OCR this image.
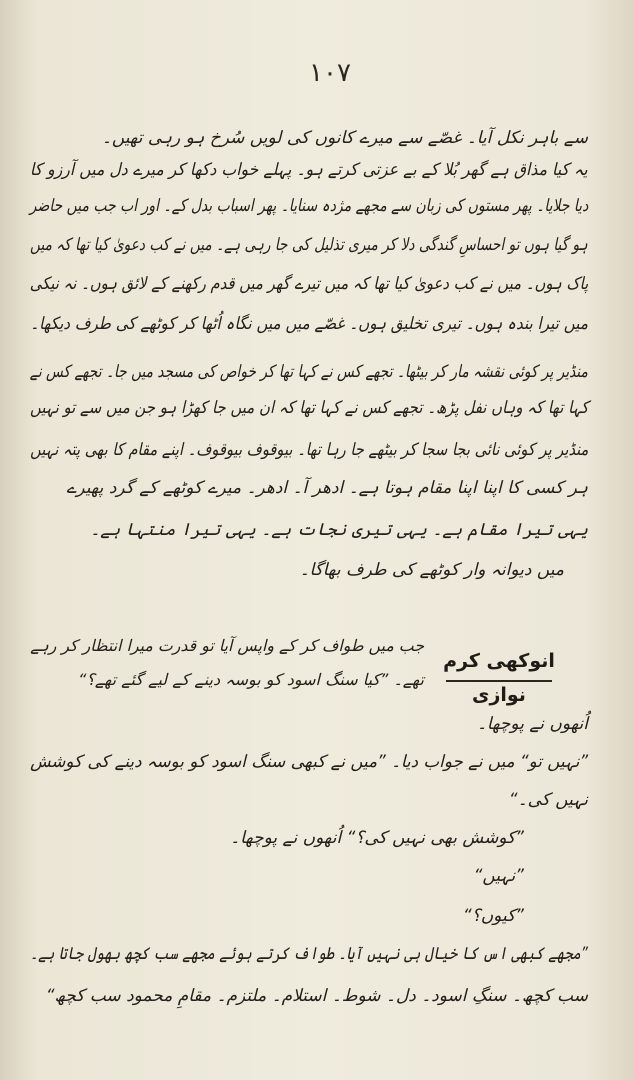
١٠٧
سے باہر نکل آیا۔ غصّے سے میرے کانوں کی لویں سُرخ ہو رہی تھیں۔
یہ کیا مذاق ہے گھر بُلا کے بے عزتی کرتے ہو۔ پہلے خواب دکھا کر میرے دل میں آرزو کا
دیا جلایا۔ پھر مستوں کی زبان سے مجھے مژدہ سنایا۔ پھر اسباب بدل کے۔ اور اب جب میں حاضر
ہو گیا ہوں تو احساسِ گندگی دلا کر میری تذلیل کی جا رہی ہے۔ میں نے کب دعویٰ کیا تھا کہ میں
پاک ہوں۔ میں نے کب دعویٰ کیا تھا کہ میں تیرے گھر میں قدم رکھنے کے لائق ہوں۔ نہ نیکی
میں تیرا بندہ ہوں۔ تیری تخلیق ہوں۔ غصّے میں میں نگاہ اُٹھا کر کوٹھے کی طرف دیکھا۔
منڈیر پر کوئی نقشہ مار کر بیٹھا۔ تجھے کس نے کہا تھا کر خواص کی مسجد میں جا۔ تجھے کس نے
کہا تھا کہ وہاں نفل پڑھ۔ تجھے کس نے کہا تھا کہ ان میں جا کھڑا ہو جن میں سے تو نہیں
منڈیر پر کوئی نائی بجا سجا کر بیٹھے جا رہا تھا۔ بیوقوف بیوقوف۔ اپنے مقام کا بھی پتہ نہیں
ہر کسی کا اپنا اپنا مقام ہوتا ہے۔ ادھر آ۔ ادھر۔ میرے کوٹھے کے گرد پھیرے
یہی تیرا مقام ہے۔ یہی تیری نجات ہے۔ یہی تیرا منتہا ہے۔
میں دیوانہ وار کوٹھے کی طرف بھاگا۔
انوکھی کرم نوازی
جب میں طواف کر کے واپس آیا تو قدرت میرا انتظار کر رہے
تھے۔ ”کیا سنگ اسود کو بوسہ دینے کے لیے گئے تھے؟“
اُنھوں نے پوچھا۔
”نہیں تو“ میں نے جواب دیا۔ ”میں نے کبھی سنگ اسود کو بوسہ دینے کی کوشش
نہیں کی۔“
”کوشش بھی نہیں کی؟“ اُنھوں نے پوچھا۔
”نہیں“
”کیوں؟“
”مجھے کبھی اس کا خیال ہی نہیں آیا۔ طواف کرتے ہوئے مجھے سب کچھ بھول جاتا ہے۔
سب کچھ۔ سنگِ اسود۔ دل۔ شوط۔ استلام۔ ملتزم۔ مقامِ محمود سب کچھ“
